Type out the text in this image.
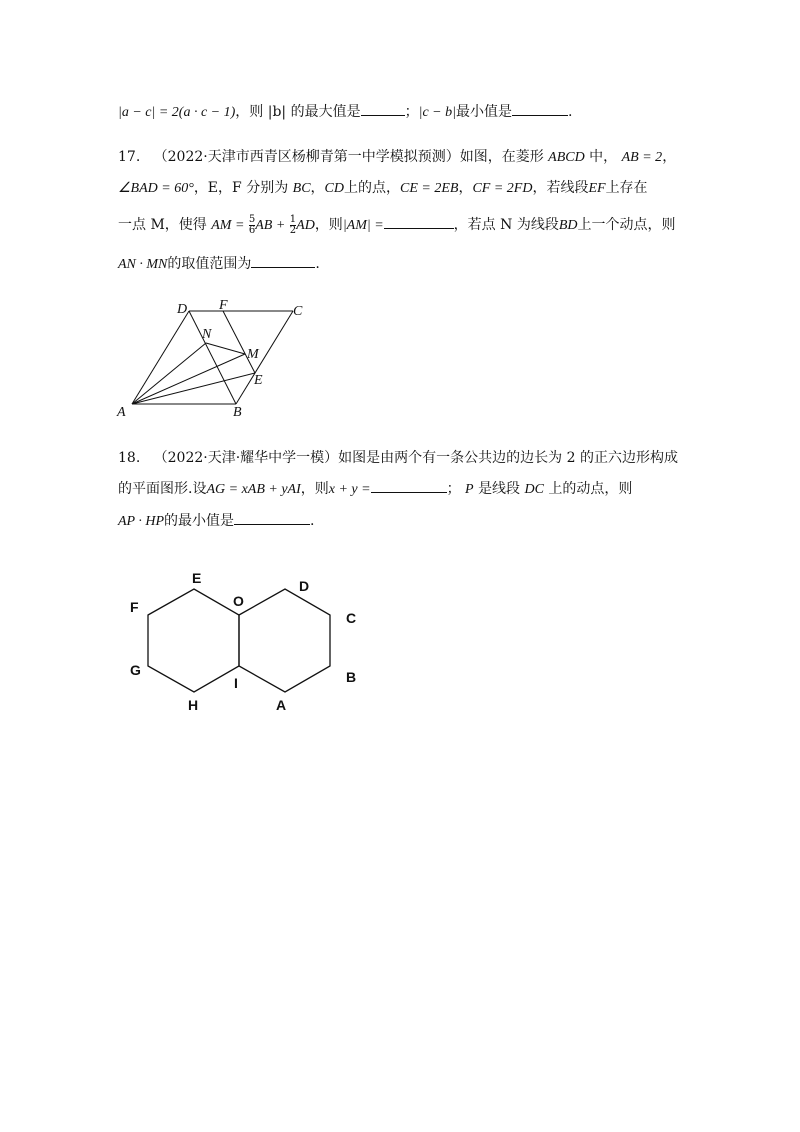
|a − c| = 2(a · c − 1)，则 |b| 的最大值是	；|c − b|最小值是	.
17. （2022·天津市西青区杨柳青第一中学模拟预测）如图，在菱形 ABCD 中， AB = 2，
∠BAD = 60°，E，F 分别为 BC，CD上的点，CE = 2EB，CF = 2FD，若线段EF上存在
一点 M，使得 AM = $\frac{5}{6}$ AB + $\frac{1}{2}$ AD，则|AM| =	，若点 N 为线段BD上一个动点，则
AN · MN的取值范围为	.
A	B
C
D
E
F
M
N
18. （2022·天津·耀华中学一模）如图是由两个有一条公共边的边长为 2 的正六边形构成
的平面图形.设AG = xAB + yAI，则x + y =	； P 是线段 DC 上的动点，则
AP · HP的最小值是	.
E
F
G
H
O
I
D
C
B
A
